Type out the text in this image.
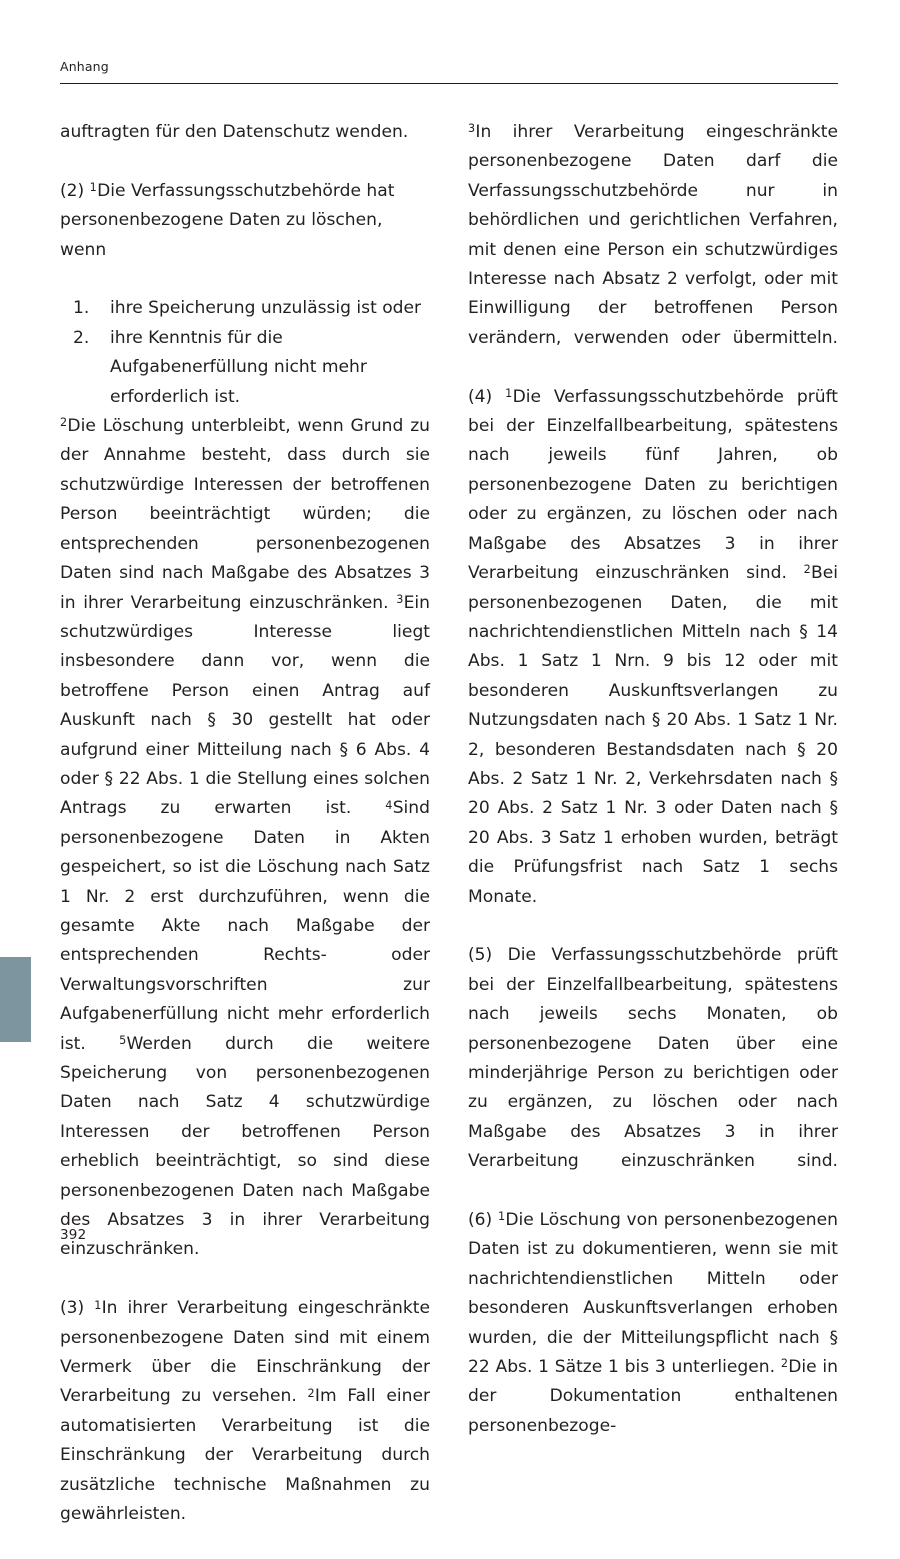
Anhang

auftragten für den Datenschutz wenden.

(2) $^1$Die Verfassungsschutzbehörde hat personenbezogene Daten zu löschen, wenn

1. ihre Speicherung unzulässig ist oder
2. ihre Kenntnis für die Aufgabenerfüllung nicht mehr erforderlich ist.

$^2$Die Löschung unterbleibt, wenn Grund zu der Annahme besteht, dass durch sie schutzwürdige Interessen der betroffenen Person beeinträchtigt würden; die entsprechenden personenbezogenen Daten sind nach Maßgabe des Absatzes 3 in ihrer Verarbeitung einzuschränken. $^3$Ein schutzwürdiges Interesse liegt insbesondere dann vor, wenn die betroffene Person einen Antrag auf Auskunft nach § 30 gestellt hat oder aufgrund einer Mitteilung nach § 6 Abs. 4 oder § 22 Abs. 1 die Stellung eines solchen Antrags zu erwarten ist. $^4$Sind personenbezogene Daten in Akten gespeichert, so ist die Löschung nach Satz 1 Nr. 2 erst durchzuführen, wenn die gesamte Akte nach Maßgabe der entsprechenden Rechts- oder Verwaltungsvorschriften zur Aufgabenerfüllung nicht mehr erforderlich ist. $^5$Werden durch die weitere Speicherung von personenbezogenen Daten nach Satz 4 schutzwürdige Interessen der betroffenen Person erheblich beeinträchtigt, so sind diese personenbezogenen Daten nach Maßgabe des Absatzes 3 in ihrer Verarbeitung einzuschränken.

(3) $^1$In ihrer Verarbeitung eingeschränkte personenbezogene Daten sind mit einem Vermerk über die Einschränkung der Verarbeitung zu versehen. $^2$Im Fall einer automatisierten Verarbeitung ist die Einschränkung der Verarbeitung durch zusätzliche technische Maßnahmen zu gewährleisten.

$^3$In ihrer Verarbeitung eingeschränkte personenbezogene Daten darf die Verfassungsschutzbehörde nur in behördlichen und gerichtlichen Verfahren, mit denen eine Person ein schutzwürdiges Interesse nach Absatz 2 verfolgt, oder mit Einwilligung der betroffenen Person verändern, verwenden oder übermitteln.

(4) $^1$Die Verfassungsschutzbehörde prüft bei der Einzelfallbearbeitung, spätestens nach jeweils fünf Jahren, ob personenbezogene Daten zu berichtigen oder zu ergänzen, zu löschen oder nach Maßgabe des Absatzes 3 in ihrer Verarbeitung einzuschränken sind. $^2$Bei personenbezogenen Daten, die mit nachrichtendienstlichen Mitteln nach § 14 Abs. 1 Satz 1 Nrn. 9 bis 12 oder mit besonderen Auskunftsverlangen zu Nutzungsdaten nach § 20 Abs. 1 Satz 1 Nr. 2, besonderen Bestandsdaten nach § 20 Abs. 2 Satz 1 Nr. 2, Verkehrsdaten nach § 20 Abs. 2 Satz 1 Nr. 3 oder Daten nach § 20 Abs. 3 Satz 1 erhoben wurden, beträgt die Prüfungsfrist nach Satz 1 sechs Monate.

(5) Die Verfassungsschutzbehörde prüft bei der Einzelfallbearbeitung, spätestens nach jeweils sechs Monaten, ob personenbezogene Daten über eine minderjährige Person zu berichtigen oder zu ergänzen, zu löschen oder nach Maßgabe des Absatzes 3 in ihrer Verarbeitung einzuschränken sind.

(6) $^1$Die Löschung von personenbezogenen Daten ist zu dokumentieren, wenn sie mit nachrichtendienstlichen Mitteln oder besonderen Auskunftsverlangen erhoben wurden, die der Mitteilungspflicht nach § 22 Abs. 1 Sätze 1 bis 3 unterliegen. $^2$Die in der Dokumentation enthaltenen personenbezoge-

392
